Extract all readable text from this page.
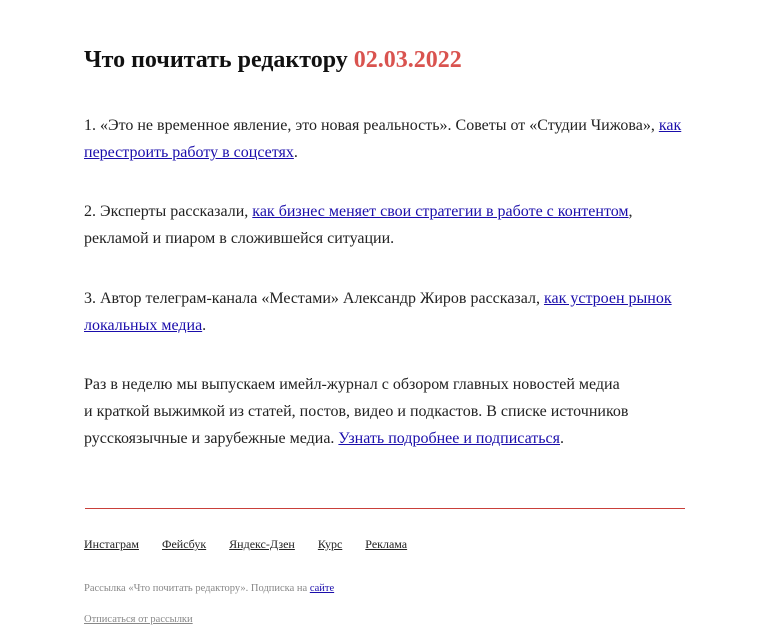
Что почитать редактору 02.03.2022

1. «Это не временное явление, это новая реальность». Советы от «Студии Чижова», как перестроить работу в соцсетях.

2. Эксперты рассказали, как бизнес меняет свои стратегии в работе с контентом, рекламой и пиаром в сложившейся ситуации.

3. Автор телеграм-канала «Местами» Александр Жиров рассказал, как устроен рынок локальных медиа.

Раз в неделю мы выпускаем имейл-журнал с обзором главных новостей медиа
и краткой выжимкой из статей, постов, видео и подкастов. В списке источников
русскоязычные и зарубежные медиа. Узнать подробнее и подписаться.

Инстаграм Фейсбук Яндекс-Дзен Курс Реклама
Рассылка «Что почитать редактору». Подписка на сайте
Отписаться от рассылки
